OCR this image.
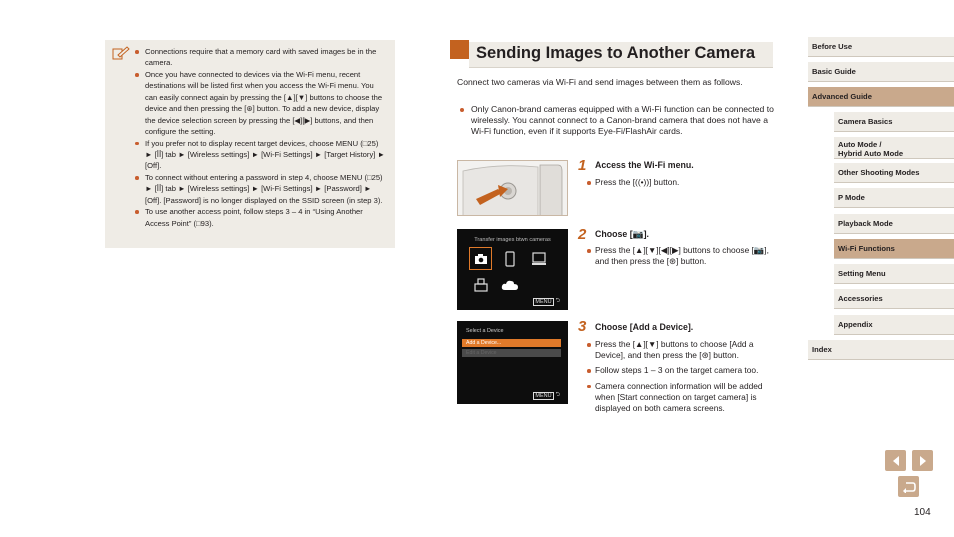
Connections require that a memory card with saved images be in the camera.
Once you have connected to devices via the Wi-Fi menu, recent destinations will be listed first when you access the Wi-Fi menu. You can easily connect again by pressing the [▲][▼] buttons to choose the device and then pressing the [⊛] button. To add a new device, display the device selection screen by pressing the [◀][▶] buttons, and then configure the setting.
If you prefer not to display recent target devices, choose MENU (□25) ► [ꟾꟾ] tab ► [Wireless settings] ► [Wi-Fi Settings] ► [Target History] ► [Off].
To connect without entering a password in step 4, choose MENU (□25) ► [ꟾꟾ] tab ► [Wireless settings] ► [Wi-Fi Settings] ► [Password] ► [Off]. [Password] is no longer displayed on the SSID screen (in step 3).
To use another access point, follow steps 3 – 4 in “Using Another Access Point” (□93).
Sending Images to Another Camera
Connect two cameras via Wi-Fi and send images between them as follows.
Only Canon-brand cameras equipped with a Wi-Fi function can be connected to wirelessly. You cannot connect to a Canon-brand camera that does not have a Wi-Fi function, even if it supports Eye-Fi/FlashAir cards.
1 Access the Wi-Fi menu.
Press the [((•))] button.
Transfer images btwn cameras
MENU ⮌
2 Choose [📷].
Press the [▲][▼][◀][▶] buttons to choose [📷], and then press the [⊛] button.
Select a Device
Add a Device...
Edit a Device
MENU ⮌
3 Choose [Add a Device].
Press the [▲][▼] buttons to choose [Add a Device], and then press the [⊛] button.
Follow steps 1 – 3 on the target camera too.
Camera connection information will be added when [Start connection on target camera] is displayed on both camera screens.
Before Use
Basic Guide
Advanced Guide
Camera Basics
Auto Mode /
Hybrid Auto Mode
Other Shooting Modes
P Mode
Playback Mode
Wi-Fi Functions
Setting Menu
Accessories
Appendix
Index
104
